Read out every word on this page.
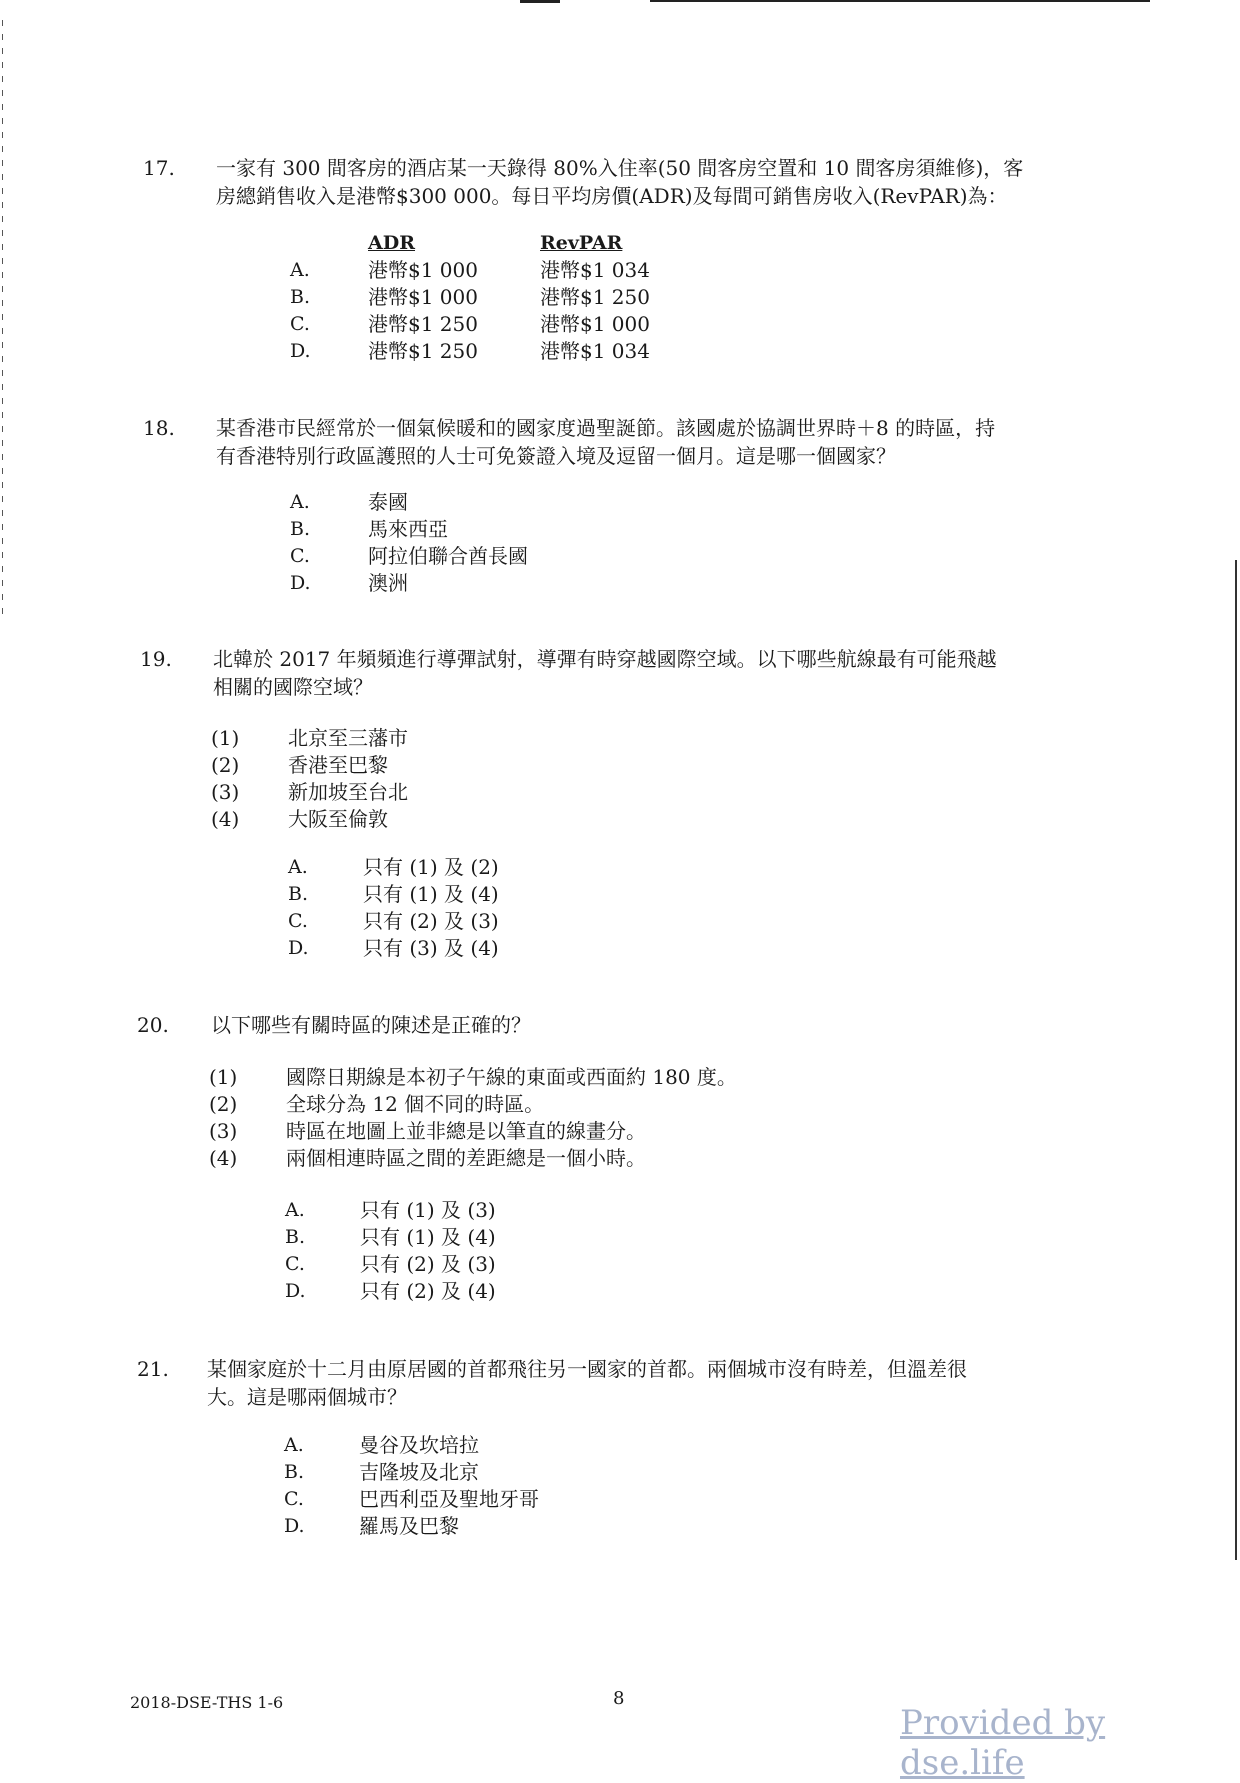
17. 一家有 300 間客房的酒店某一天錄得 80%入住率(50 間客房空置和 10 間客房須維修)，客
房總銷售收入是港幣$300 000。每日平均房價(ADR)及每間可銷售房收入(RevPAR)為：
ADR	RevPAR
A.	港幣$1 000	港幣$1 034
B.	港幣$1 000	港幣$1 250
C.	港幣$1 250	港幣$1 000
D.	港幣$1 250	港幣$1 034
18. 某香港市民經常於一個氣候暖和的國家度過聖誕節。該國處於協調世界時＋8 的時區，持
有香港特別行政區護照的人士可免簽證入境及逗留一個月。這是哪一個國家？
A.	泰國
B.	馬來西亞
C.	阿拉伯聯合酋長國
D.	澳洲
19. 北韓於 2017 年頻頻進行導彈試射，導彈有時穿越國際空域。以下哪些航線最有可能飛越
相關的國際空域？
(1) 北京至三藩市
(2) 香港至巴黎
(3) 新加坡至台北
(4) 大阪至倫敦
A.	只有 (1) 及 (2)
B.	只有 (1) 及 (4)
C.	只有 (2) 及 (3)
D.	只有 (3) 及 (4)
20. 以下哪些有關時區的陳述是正確的？
(1) 國際日期線是本初子午線的東面或西面約 180 度。
(2) 全球分為 12 個不同的時區。
(3) 時區在地圖上並非總是以筆直的線畫分。
(4) 兩個相連時區之間的差距總是一個小時。
A.	只有 (1) 及 (3)
B.	只有 (1) 及 (4)
C.	只有 (2) 及 (3)
D.	只有 (2) 及 (4)
21. 某個家庭於十二月由原居國的首都飛往另一國家的首都。兩個城市沒有時差，但溫差很
大。這是哪兩個城市？
A.	曼谷及坎培拉
B.	吉隆坡及北京
C.	巴西利亞及聖地牙哥
D.	羅馬及巴黎
2018-DSE-THS 1-6	8
Provided by dse.life
